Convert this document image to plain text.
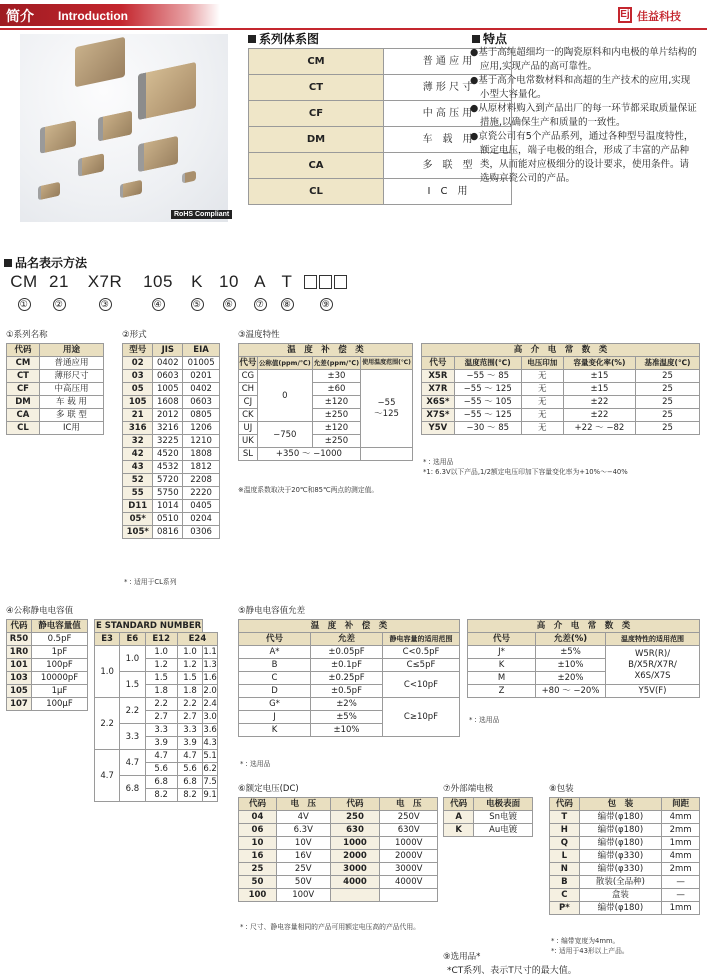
简介 Introduction	Ej 佳益科技
RoHS Compliant
系列体系图
CM	普 通 应 用
CT	薄 形 尺 寸
CF	中 高 压 用
DM	车　载　用
CA	多　联　型
CL	I　C　用
特点
●基于高纯超细均一的陶瓷原料和内电极的单片结构的应用,实现产品的高可靠性。
●基于高介电常数材料和高超的生产技术的应用,实现小型大容量化。
●从原材料购入到产品出厂的每一环节都采取质量保证措施,以确保生产和质量的一致性。
●京瓷公司有5个产品系列，通过各种型号温度特性，额定电压，端子电极的组合，形成了丰富的产品种类，从而能对应极细分的设计要求，使用条件。请选购京瓷公司的产品。
品名表示方法
CM
①
21
②
X7R
③
105
④
K
⑤
10
⑥
A
⑦
T
⑧	⑨
①系列名称
代码	用途
CM	普通应用
CT	薄形尺寸
CF	中高压用
DM	车 载 用
CA	多 联 型
CL	IC用
②形式
型号	JIS	EIA
02	0402	01005
03	0603	0201
05	1005	0402
105	1608	0603
21	2012	0805
316	3216	1206
32	3225	1210
42	4520	1808
43	4532	1812
52	5720	2208
55	5750	2220
D11	1014	0405
05*	0510	0204
105*	0816	0306
* : 适用于CL系列
③温度特性
温　度　补　偿　类			
代号	公称值(ppm/℃)	允差(ppm/℃)	使用温度范围(℃)
CG	0	±30	−55
～125
CH		±60	
CJ		±120	
CK		±250	
UJ	−750	±120	
UK		±250	
SL	+350 ～ −1000		
※温度系数取决于20℃和85℃两点的测定值。
高　介　电　常　数　类				
代号	温度范围(℃)	电压印加	容量变化率(%)	基准温度(℃)
X5R	−55 ～ 85	无	±15	25
X7R	−55 ～ 125	无	±15	25
X6S*	−55 ～ 105	无	±22	25
X7S*	−55 ～ 125	无	±22	25
Y5V	−30 ～ 85	无	+22 ～ −82	25
* : 选用品
*1: 6.3V以下产品,1/2额定电压印加下容量变化率为+10%～−40%
④公称静电电容值
代码	静电容量值
R50	0.5pF
1R0	1pF
101	100pF
103	10000pF
105	1μF
107	100μF
E STANDARD NUMBER				
E3	E6	E12	E24	
1.0	1.0	1.0	1.0	1.1
		1.2	1.2	1.3
	1.5	1.5	1.5	1.6
		1.8	1.8	2.0
2.2	2.2	2.2	2.2	2.4
		2.7	2.7	3.0
	3.3	3.3	3.3	3.6
		3.9	3.9	4.3
4.7	4.7	4.7	4.7	5.1
		5.6	5.6	6.2
	6.8	6.8	6.8	7.5
		8.2	8.2	9.1
⑤静电电容值允差
温　度　补　偿　类		
代号	允差	静电容量的适用范围
A*	±0.05pF	C<0.5pF
B	±0.1pF	C≤5pF
C	±0.25pF	C<10pF
D	±0.5pF	
G*	±2%	C≥10pF
J	±5%	
K	±10%	
* : 选用品
高　介　电　常　数　类		
代号	允差(%)	温度特性的适用范围
J*	±5%	W5R(R)/
B/X5R/X7R/
X6S/X7S
K	±10%	
M	±20%	
Z	+80 ～ −20%	Y5V(F)
* : 选用品
⑥额定电压(DC)
代码	电　压	代码	电　压
04	4V	250	250V
06	6.3V	630	630V
10	10V	1000	1000V
16	16V	2000	2000V
25	25V	3000	3000V
50	50V	4000	4000V
100	100V		
* : 尺寸、静电容量相同的产品可用额定电压高的产品代用。
⑦外部端电极
代码	电极表面
A	Sn电镀
K	Au电镀
⑧包装
代码	包　装	间距
T	编带(φ180)	4mm
H	编带(φ180)	2mm
Q	编带(φ180)	1mm
L	编带(φ330)	4mm
N	编带(φ330)	2mm
B	散装(全品种)	—
C	盒装	—
P*	编带(φ180)	1mm
* : 编带宽度为4mm。
*: 适用于43形以上产品。
⑨选用品*
*CT系列、表示T尺寸的最大值。
